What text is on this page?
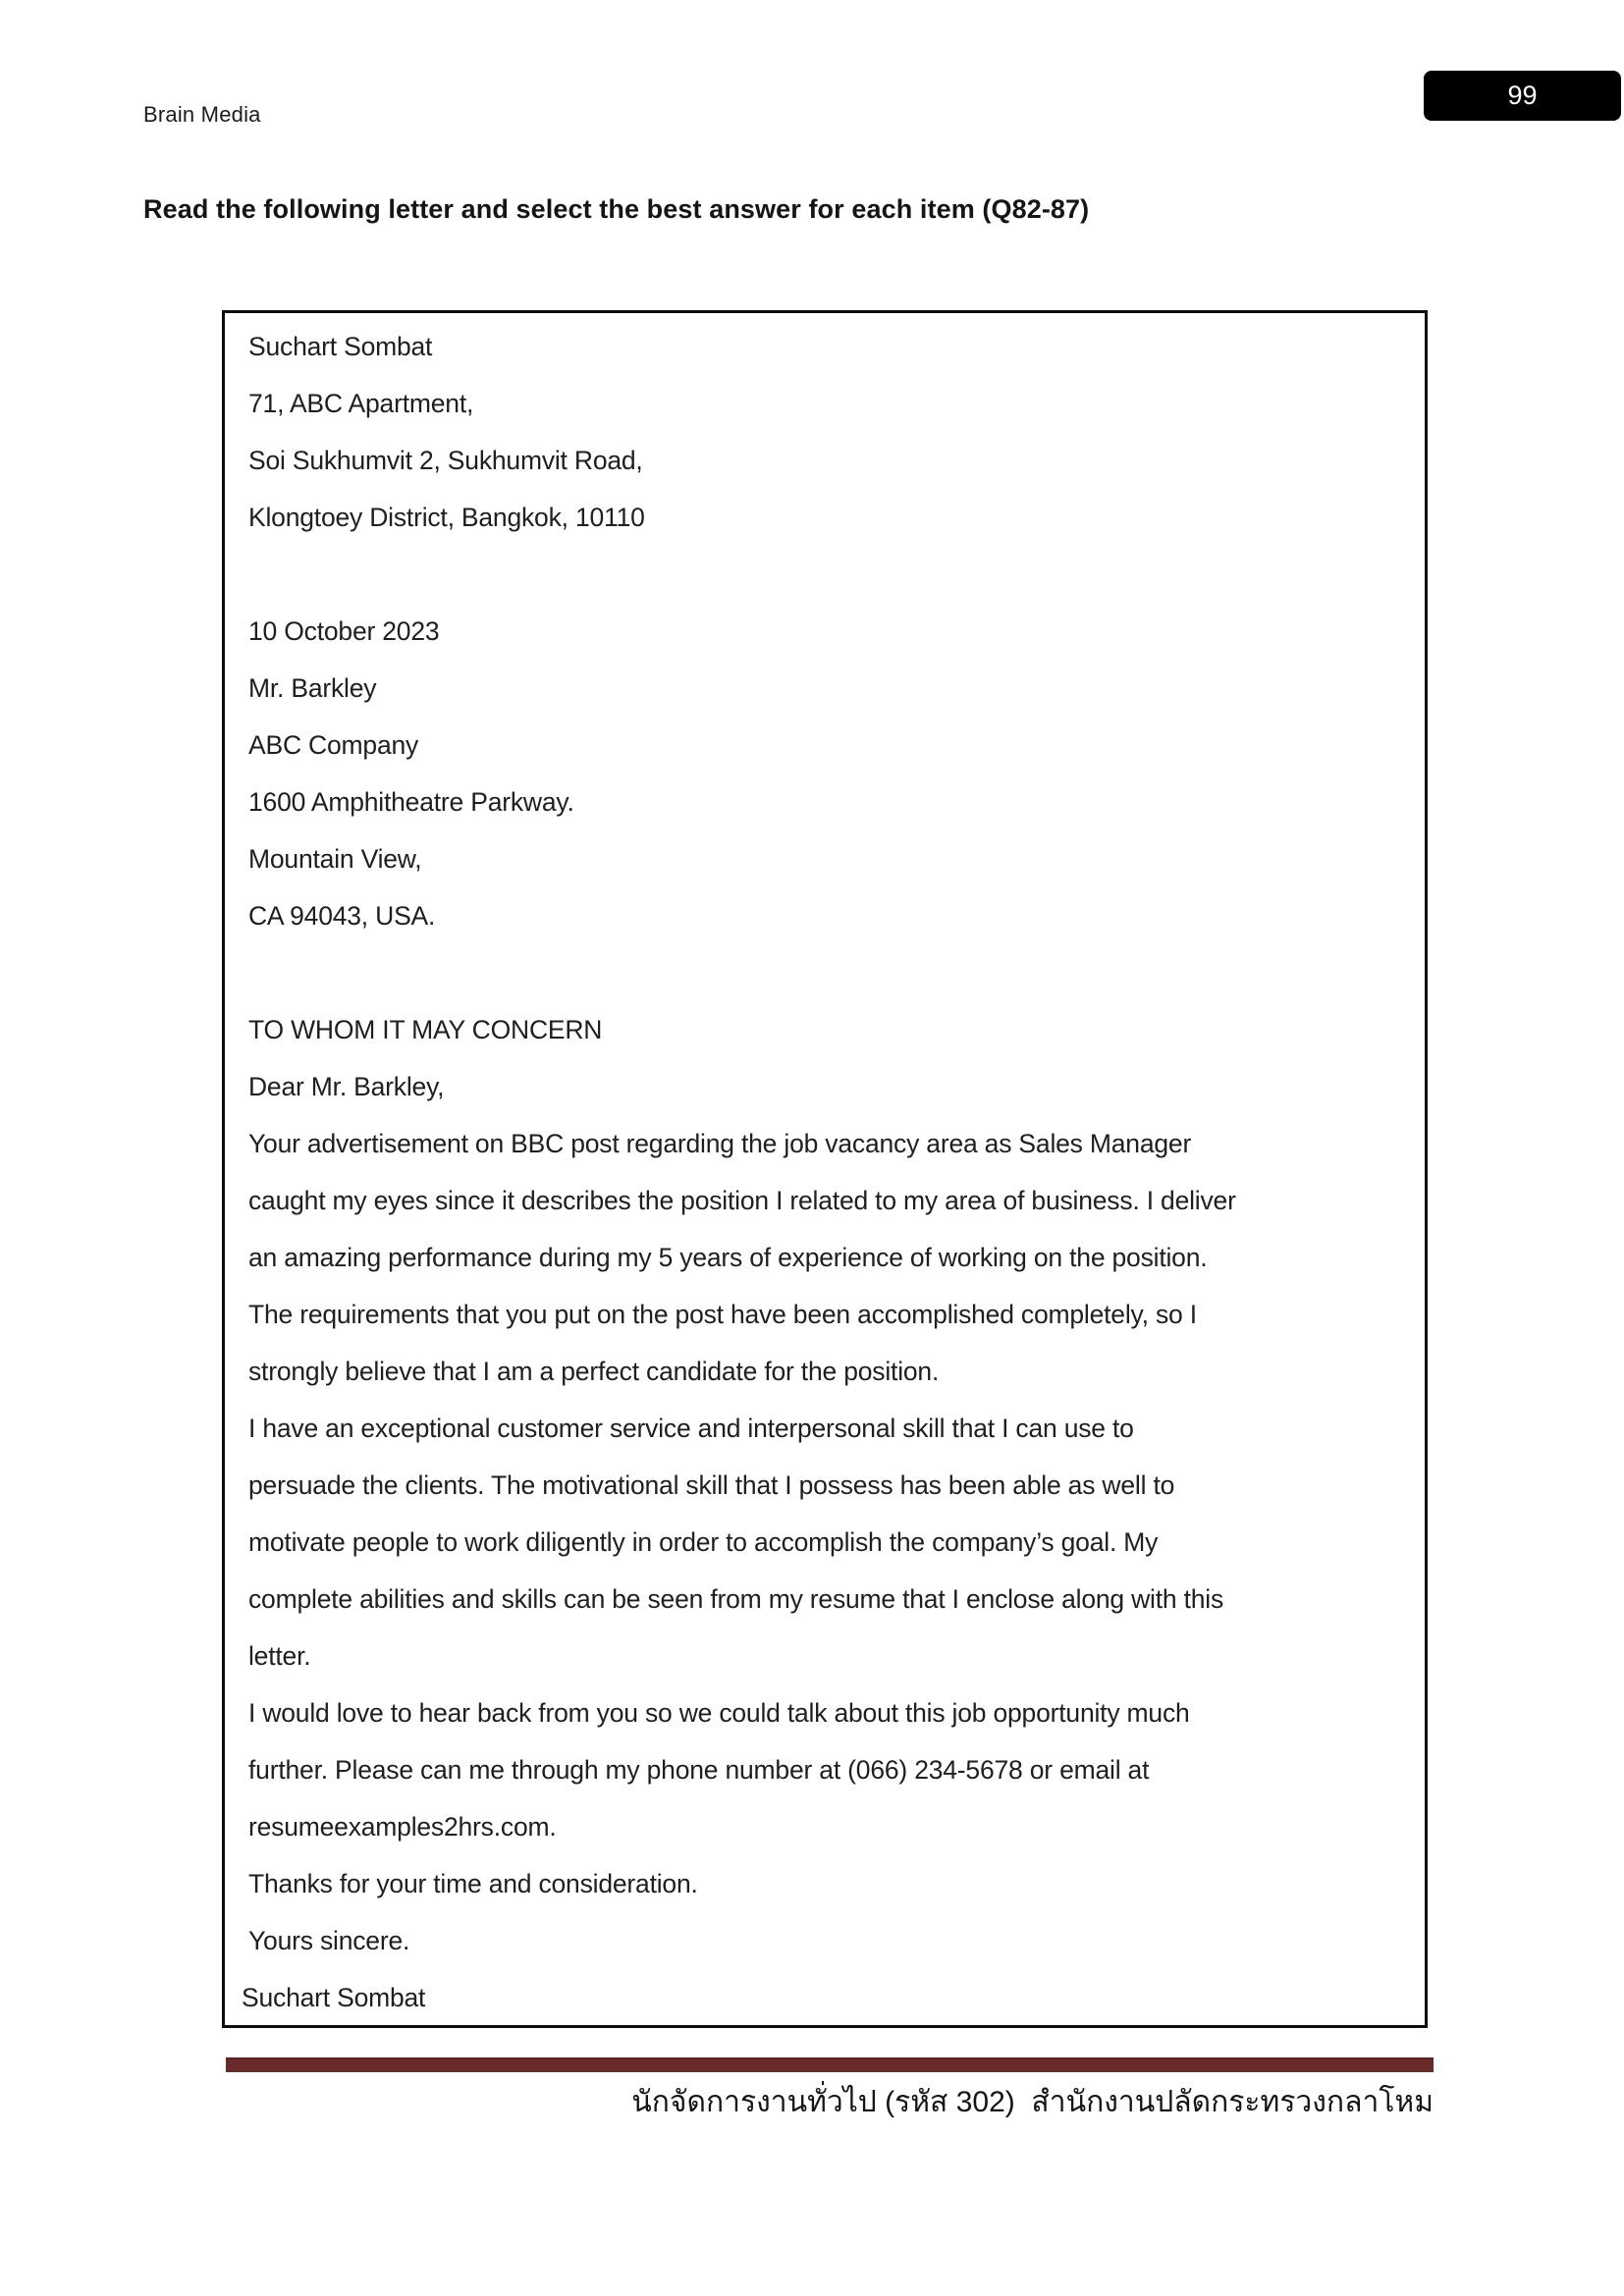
Brain Media
99
Read the following letter and select the best answer for each item (Q82-87)
Suchart Sombat
71, ABC Apartment,
Soi Sukhumvit 2, Sukhumvit Road,
Klongtoey District, Bangkok, 10110
10 October 2023
Mr. Barkley
ABC Company
1600 Amphitheatre Parkway.
Mountain View,
CA 94043, USA.
TO WHOM IT MAY CONCERN
Dear Mr. Barkley,
Your advertisement on BBC post regarding the job vacancy area as Sales Manager
caught my eyes since it describes the position I related to my area of business. I deliver
an amazing performance during my 5 years of experience of working on the position.
The requirements that you put on the post have been accomplished completely, so I
strongly believe that I am a perfect candidate for the position.
I have an exceptional customer service and interpersonal skill that I can use to
persuade the clients. The motivational skill that I possess has been able as well to
motivate people to work diligently in order to accomplish the company’s goal. My
complete abilities and skills can be seen from my resume that I enclose along with this
letter.
I would love to hear back from you so we could talk about this job opportunity much
further. Please can me through my phone number at (066) 234-5678 or email at
resumeexamples2hrs.com.
Thanks for your time and consideration.
Yours sincere.
Suchart Sombat
นักจัดการงานทั่วไป (รหัส 302)  สำนักงานปลัดกระทรวงกลาโหม
